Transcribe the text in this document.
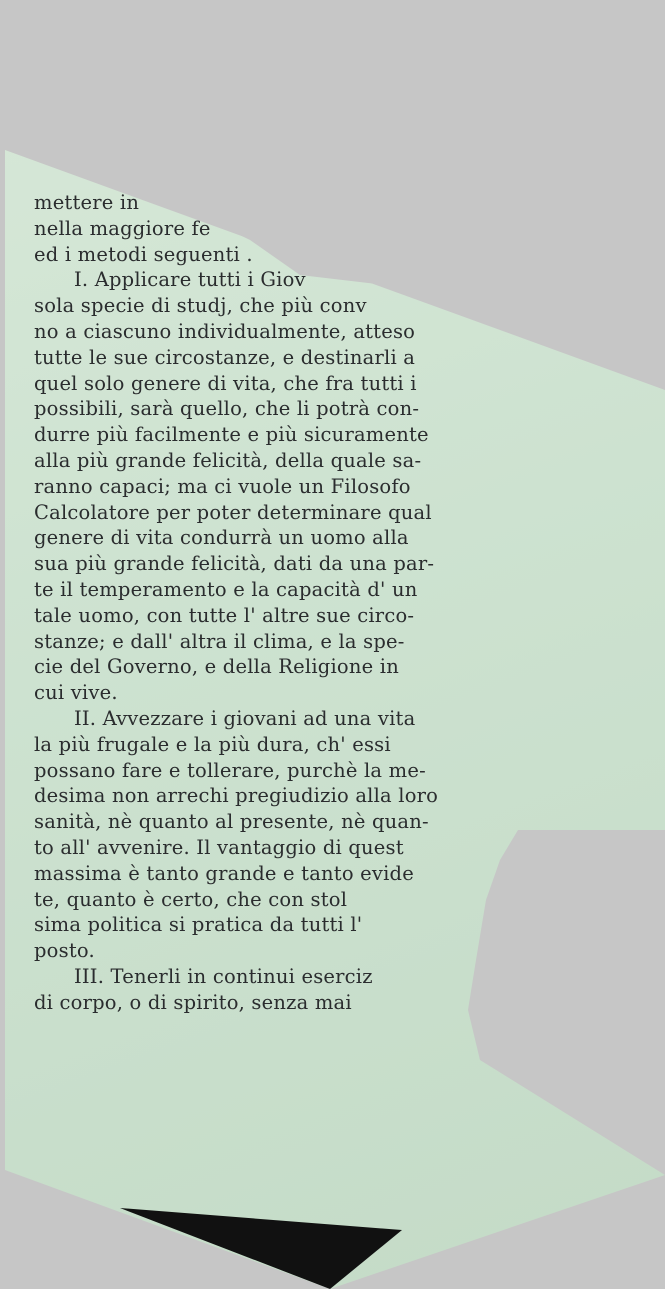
mettere in
nella maggiore fe
ed i metodi seguenti .
I. Applicare tutti i Giov
sola specie di studj, che più conv
no a ciascuno individualmente, atteso
tutte le sue circostanze, e destinarli a
quel solo genere di vita, che fra tutti i
possibili, sarà quello, che li potrà con-
durre più facilmente e più sicuramente
alla più grande felicità, della quale sa-
ranno capaci; ma ci vuole un Filosofo
Calcolatore per poter determinare qual
genere di vita condurrà un uomo alla
sua più grande felicità, dati da una par-
te il temperamento e la capacità d' un
tale uomo, con tutte l' altre sue circo-
stanze; e dall' altra il clima, e la spe-
cie del Governo, e della Religione in
cui vive.
II. Avvezzare i giovani ad una vita
la più frugale e la più dura, ch' essi
possano fare e tollerare, purchè la me-
desima non arrechi pregiudizio alla loro
sanità, nè quanto al presente, nè quan-
to all' avvenire. Il vantaggio di quest
massima è tanto grande e tanto evide
te, quanto è certo, che con stol
sima politica si pratica da tutti l'
posto.
III. Tenerli in continui eserciz
di corpo, o di spirito, senza mai
